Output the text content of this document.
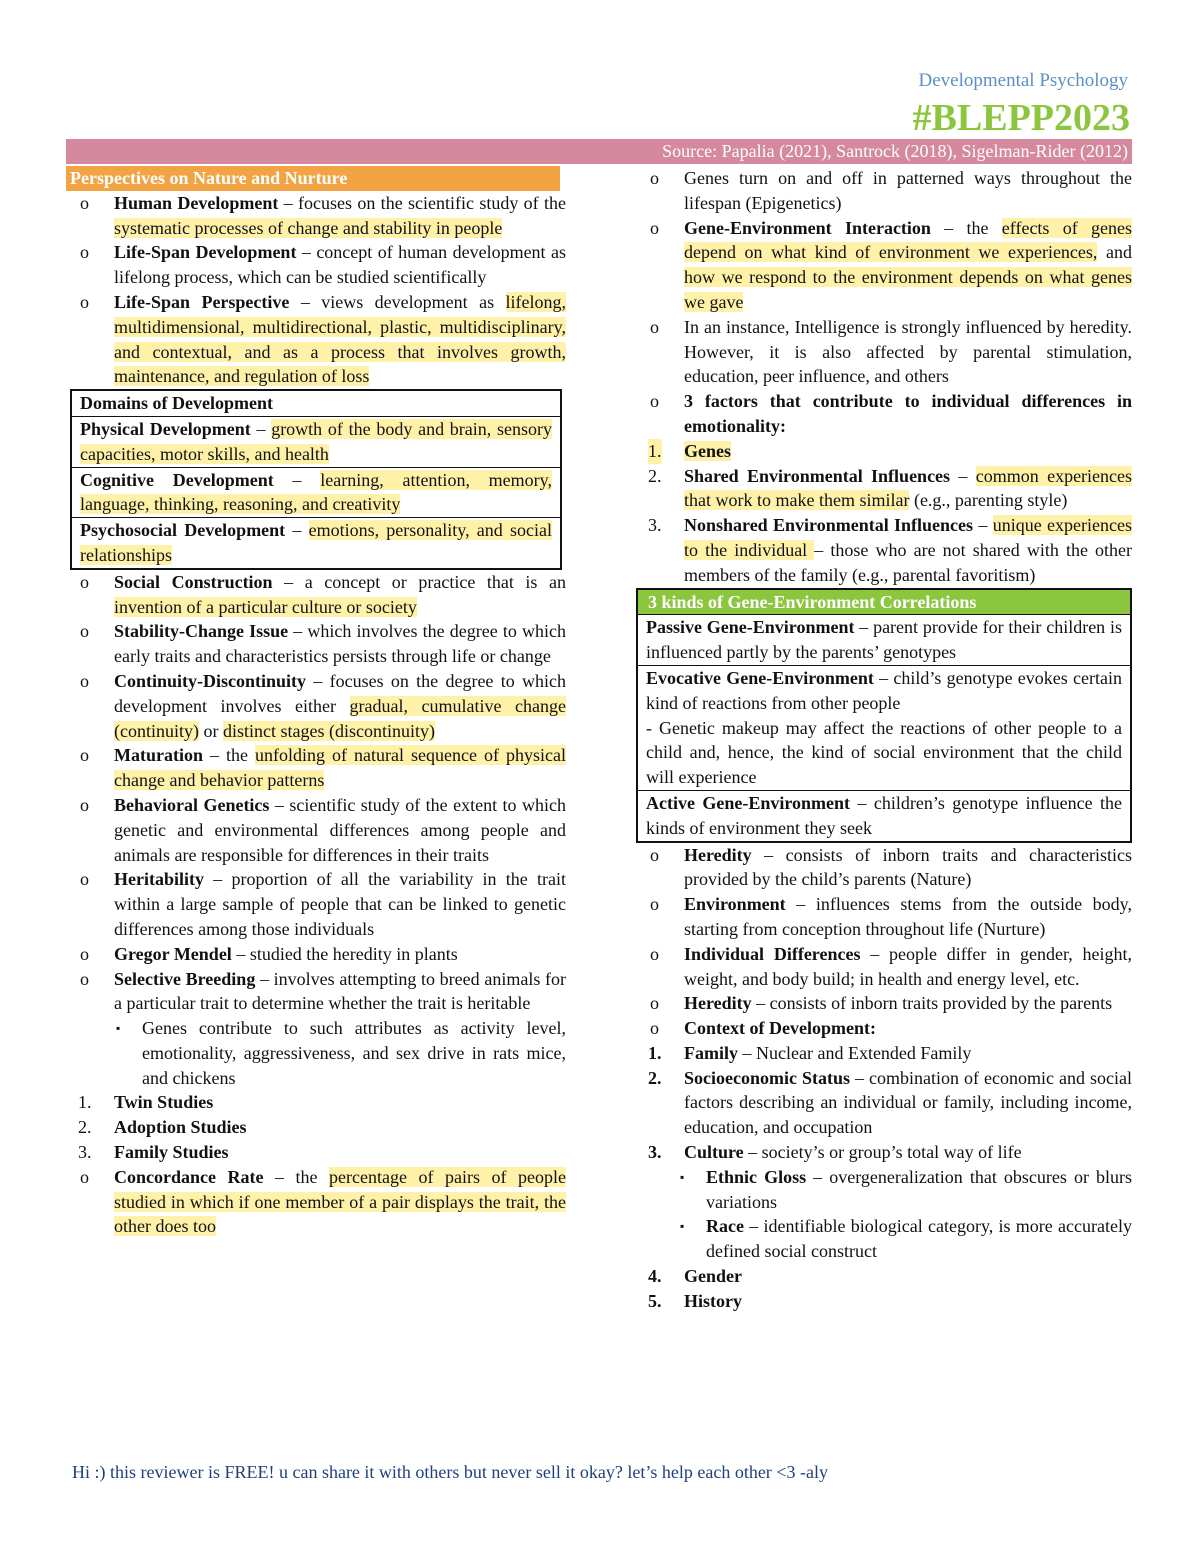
Developmental Psychology
#BLEPP2023
Source: Papalia (2021), Santrock (2018), Sigelman-Rider (2012)
Perspectives on Nature and Nurture
o Human Development – focuses on the scientific study of the systematic processes of change and stability in people
o Life-Span Development – concept of human development as lifelong process, which can be studied scientifically
o Life-Span Perspective – views development as lifelong, multidimensional, multidirectional, plastic, multidisciplinary, and contextual, and as a process that involves growth, maintenance, and regulation of loss
Domains of Development
Physical Development – growth of the body and brain, sensory capacities, motor skills, and health
Cognitive Development – learning, attention, memory, language, thinking, reasoning, and creativity
Psychosocial Development – emotions, personality, and social relationships
o Social Construction – a concept or practice that is an invention of a particular culture or society
o Stability-Change Issue – which involves the degree to which early traits and characteristics persists through life or change
o Continuity-Discontinuity – focuses on the degree to which development involves either gradual, cumulative change (continuity) or distinct stages (discontinuity)
o Maturation – the unfolding of natural sequence of physical change and behavior patterns
o Behavioral Genetics – scientific study of the extent to which genetic and environmental differences among people and animals are responsible for differences in their traits
o Heritability – proportion of all the variability in the trait within a large sample of people that can be linked to genetic differences among those individuals
o Gregor Mendel – studied the heredity in plants
o Selective Breeding – involves attempting to breed animals for a particular trait to determine whether the trait is heritable
▪ Genes contribute to such attributes as activity level, emotionality, aggressiveness, and sex drive in rats mice, and chickens
1. Twin Studies
2. Adoption Studies
3. Family Studies
o Concordance Rate – the percentage of pairs of people studied in which if one member of a pair displays the trait, the other does too
o Genes turn on and off in patterned ways throughout the lifespan (Epigenetics)
o Gene-Environment Interaction – the effects of genes depend on what kind of environment we experiences, and how we respond to the environment depends on what genes we gave
o In an instance, Intelligence is strongly influenced by heredity. However, it is also affected by parental stimulation, education, peer influence, and others
o 3 factors that contribute to individual differences in emotionality:
1. Genes
2. Shared Environmental Influences – common experiences that work to make them similar (e.g., parenting style)
3. Nonshared Environmental Influences – unique experiences to the individual – those who are not shared with the other members of the family (e.g., parental favoritism)
3 kinds of Gene-Environment Correlations
Passive Gene-Environment – parent provide for their children is influenced partly by the parents’ genotypes
Evocative Gene-Environment – child’s genotype evokes certain kind of reactions from other people
- Genetic makeup may affect the reactions of other people to a child and, hence, the kind of social environment that the child will experience
Active Gene-Environment – children’s genotype influence the kinds of environment they seek
o Heredity – consists of inborn traits and characteristics provided by the child’s parents (Nature)
o Environment – influences stems from the outside body, starting from conception throughout life (Nurture)
o Individual Differences – people differ in gender, height, weight, and body build; in health and energy level, etc.
o Heredity – consists of inborn traits provided by the parents
o Context of Development:
1. Family – Nuclear and Extended Family
2. Socioeconomic Status – combination of economic and social factors describing an individual or family, including income, education, and occupation
3. Culture – society’s or group’s total way of life
▪ Ethnic Gloss – overgeneralization that obscures or blurs variations
▪ Race – identifiable biological category, is more accurately defined social construct
4. Gender
5. History
Hi :) this reviewer is FREE! u can share it with others but never sell it okay? let’s help each other <3 -aly
